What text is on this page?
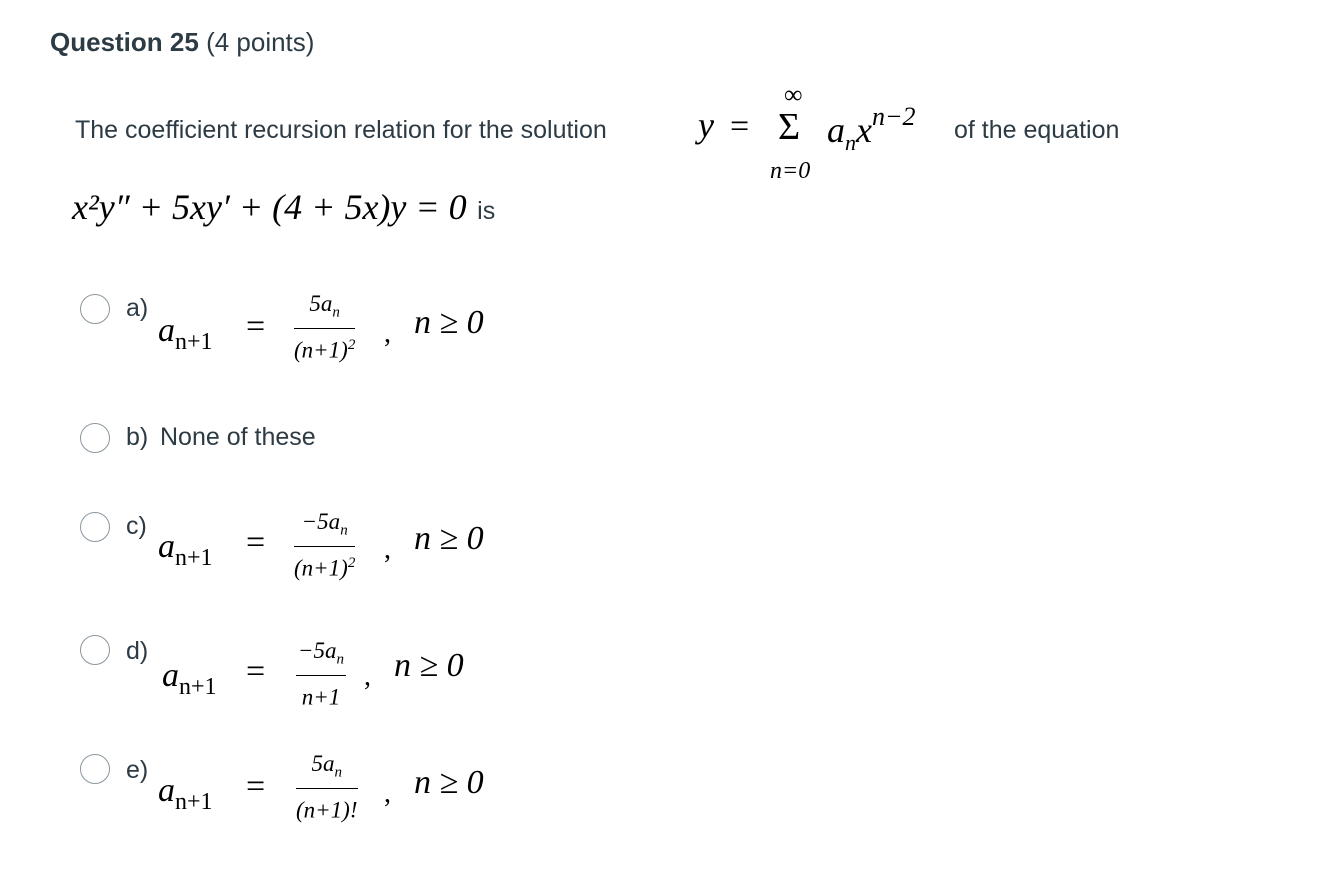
Question 25 (4 points)
The coefficient recursion relation for the solution	y =
∞
Σ
n=0
$a_nx^{n-2}$ of the equation
x²y″ + 5xy′ + (4 + 5x)y = 0 is
a)
$a_{n+1}$ =
$5a_n$
$(n+1)^2$ , n ≥ 0
b) None of these
c)
$a_{n+1}$ =
$-5a_n$
$(n+1)^2$ , n ≥ 0
d)
$a_{n+1}$ =
$-5a_n$
n+1
, n ≥ 0
e)
$a_{n+1}$ =
$5a_n$
(n+1)!
, n ≥ 0
